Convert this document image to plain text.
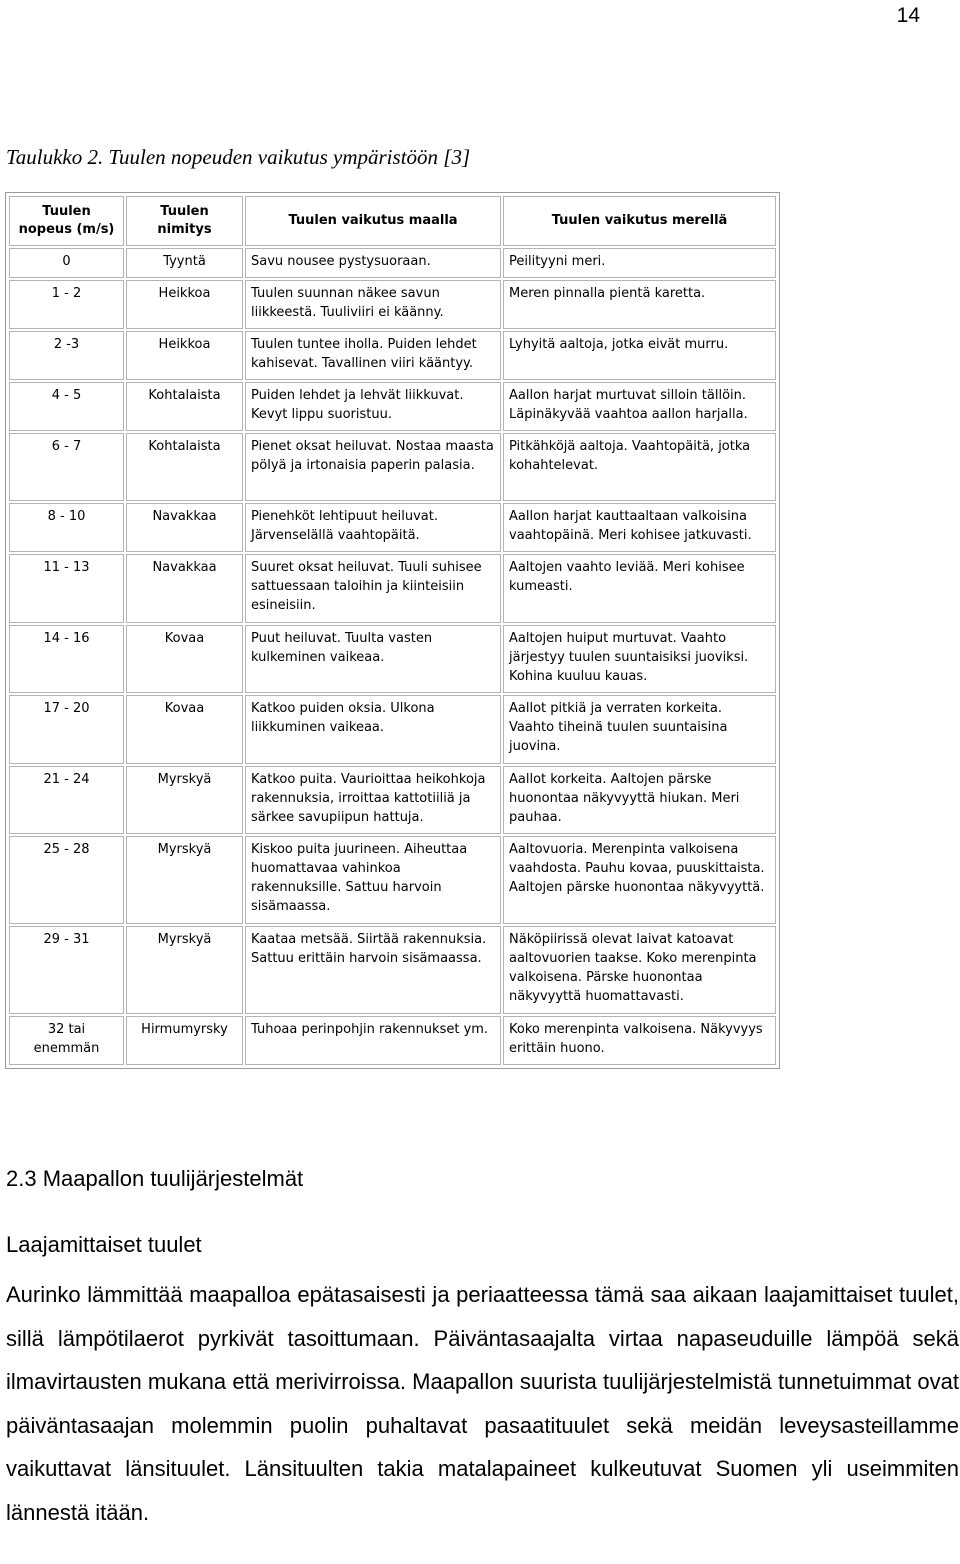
14
Taulukko 2. Tuulen nopeuden vaikutus ympäristöön [3]
Tuulen nopeus (m/s)	Tuulen nimitys	Tuulen vaikutus maalla	Tuulen vaikutus merellä
0	Tyyntä	Savu nousee pystysuoraan.	Peilityyni meri.
1 - 2	Heikkoa	Tuulen suunnan näkee savun liikkeestä. Tuuliviiri ei käänny.	Meren pinnalla pientä karetta.
2 -3	Heikkoa	Tuulen tuntee iholla. Puiden lehdet kahisevat. Tavallinen viiri kääntyy.	Lyhyitä aaltoja, jotka eivät murru.
4 - 5	Kohtalaista	Puiden lehdet ja lehvät liikkuvat. Kevyt lippu suoristuu.	Aallon harjat murtuvat silloin tällöin. Läpinäkyvää vaahtoa aallon harjalla.
6 - 7	Kohtalaista	Pienet oksat heiluvat. Nostaa maasta pölyä ja irtonaisia paperin palasia.	Pitkähköjä aaltoja. Vaahtopäitä, jotka kohahtelevat.
8 - 10	Navakkaa	Pienehköt lehtipuut heiluvat. Järvenselällä vaahtopäitä.	Aallon harjat kauttaaltaan valkoisina vaahtopäinä. Meri kohisee jatkuvasti.
11 - 13	Navakkaa	Suuret oksat heiluvat. Tuuli suhisee sattuessaan taloihin ja kiinteisiin esineisiin.	Aaltojen vaahto leviää. Meri kohisee kumeasti.
14 - 16	Kovaa	Puut heiluvat. Tuulta vasten kulkeminen vaikeaa.	Aaltojen huiput murtuvat. Vaahto järjestyy tuulen suuntaisiksi juoviksi. Kohina kuuluu kauas.
17 - 20	Kovaa	Katkoo puiden oksia. Ulkona liikkuminen vaikeaa.	Aallot pitkiä ja verraten korkeita. Vaahto tiheinä tuulen suuntaisina juovina.
21 - 24	Myrskyä	Katkoo puita. Vaurioittaa heikohkoja rakennuksia, irroittaa kattotiiliä ja särkee savupiipun hattuja.	Aallot korkeita. Aaltojen pärske huonontaa näkyvyyttä hiukan. Meri pauhaa.
25 - 28	Myrskyä	Kiskoo puita juurineen. Aiheuttaa huomattavaa vahinkoa rakennuksille. Sattuu harvoin sisämaassa.	Aaltovuoria. Merenpinta valkoisena vaahdosta. Pauhu kovaa, puuskittaista. Aaltojen pärske huonontaa näkyvyyttä.
29 - 31	Myrskyä	Kaataa metsää. Siirtää rakennuksia. Sattuu erittäin harvoin sisämaassa.	Näköpiirissä olevat laivat katoavat aaltovuorien taakse. Koko merenpinta valkoisena. Pärske huonontaa näkyvyyttä huomattavasti.
32 tai enemmän	Hirmumyrsky	Tuhoaa perinpohjin rakennukset ym.	Koko merenpinta valkoisena. Näkyvyys erittäin huono.
2.3 Maapallon tuulijärjestelmät
Laajamittaiset tuulet
Aurinko lämmittää maapalloa epätasaisesti ja periaatteessa tämä saa aikaan laajamittaiset tuulet, sillä lämpötilaerot pyrkivät tasoittumaan. Päiväntasaajalta virtaa napaseuduille lämpöä sekä ilmavirtausten mukana että merivirroissa. Maapallon suurista tuulijärjestelmistä tunnetuimmat ovat päiväntasaajan molemmin puolin puhaltavat pasaatituulet sekä meidän leveysasteillamme vaikuttavat länsituulet. Länsituulten takia matalapaineet kulkeutuvat Suomen yli useimmiten lännestä itään.
